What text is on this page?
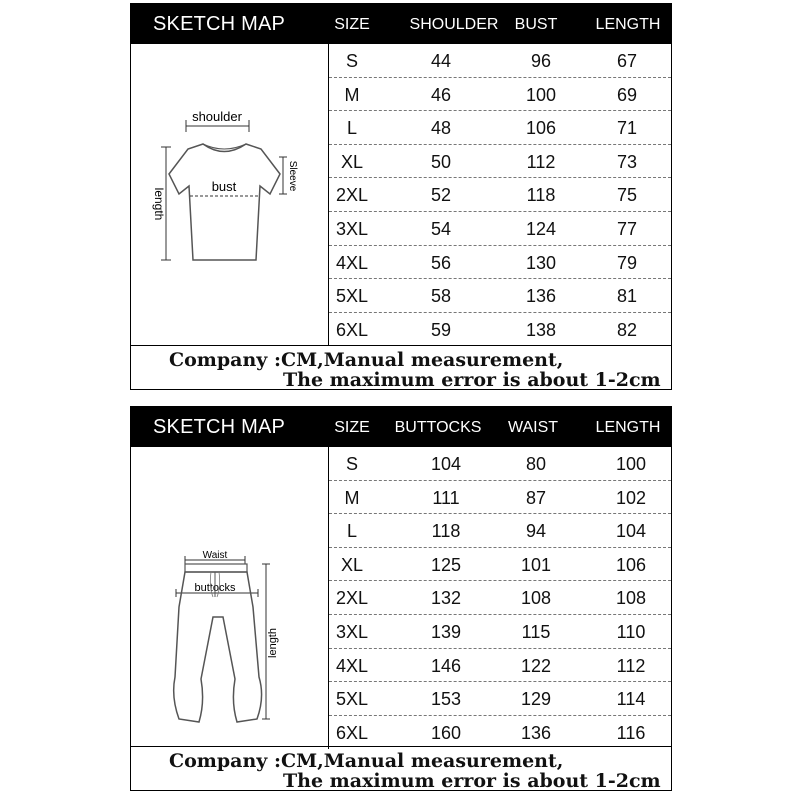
SKETCH MAP	SIZE SHOULDER BUST LENGTH
shoulder
bust
length
Sleeve
S	44	96	67
M	46	100	69
L	48	106	71
XL	50	112	73
2XL	52	118	75
3XL	54	124	77
4XL	56	130	79
5XL	58	136	81
6XL	59	138	82
Company :CM,Manual measurement,
The maximum error is about 1-2cm
SKETCH MAP	SIZE BUTTOCKS WAIST LENGTH
Waist
buttocks
length
S	104	80	100
M	111	87	102
L	118	94	104
XL	125	101	106
2XL	132	108	108
3XL	139	115	110
4XL	146	122	112
5XL	153	129	114
6XL	160	136	116
Company :CM,Manual measurement,
The maximum error is about 1-2cm
